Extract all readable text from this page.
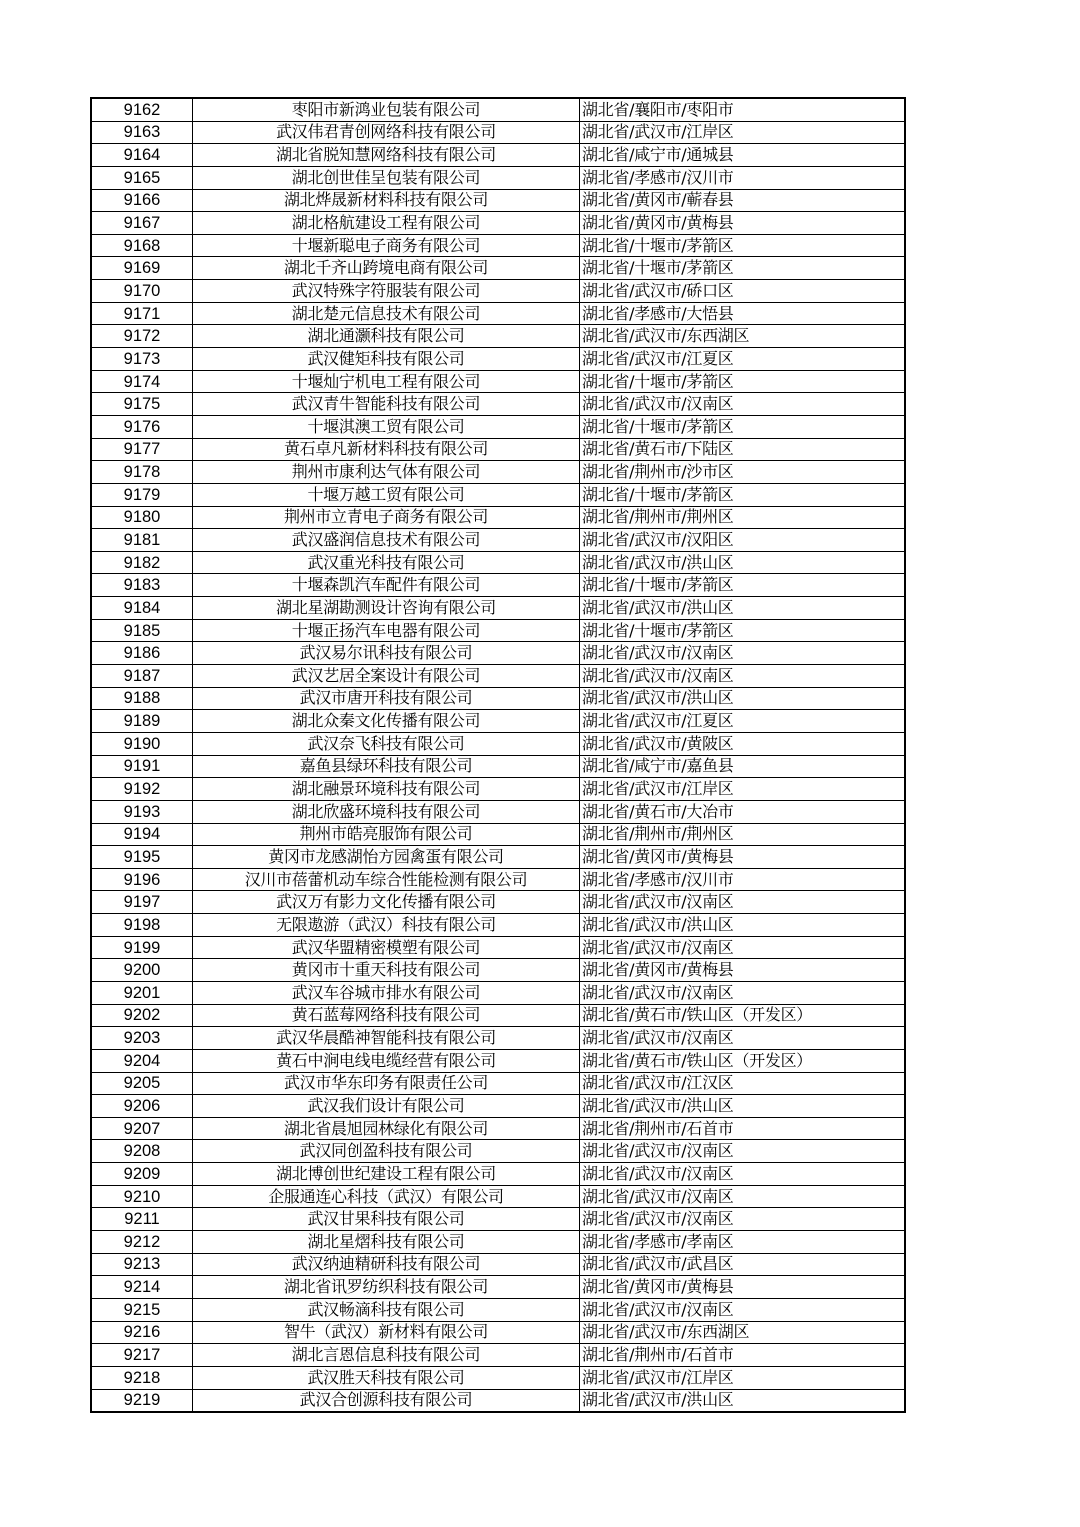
9162	枣阳市新鸿业包装有限公司	湖北省/襄阳市/枣阳市
9163	武汉伟君青创网络科技有限公司	湖北省/武汉市/江岸区
9164	湖北省脱知慧网络科技有限公司	湖北省/咸宁市/通城县
9165	湖北创世佳呈包装有限公司	湖北省/孝感市/汉川市
9166	湖北烨晟新材料科技有限公司	湖北省/黄冈市/蕲春县
9167	湖北格航建设工程有限公司	湖北省/黄冈市/黄梅县
9168	十堰新聪电子商务有限公司	湖北省/十堰市/茅箭区
9169	湖北千齐山跨境电商有限公司	湖北省/十堰市/茅箭区
9170	武汉特殊字符服装有限公司	湖北省/武汉市/硚口区
9171	湖北楚元信息技术有限公司	湖北省/孝感市/大悟县
9172	湖北通灏科技有限公司	湖北省/武汉市/东西湖区
9173	武汉健矩科技有限公司	湖北省/武汉市/江夏区
9174	十堰灿宁机电工程有限公司	湖北省/十堰市/茅箭区
9175	武汉青牛智能科技有限公司	湖北省/武汉市/汉南区
9176	十堰淇澳工贸有限公司	湖北省/十堰市/茅箭区
9177	黄石卓凡新材料科技有限公司	湖北省/黄石市/下陆区
9178	荆州市康利达气体有限公司	湖北省/荆州市/沙市区
9179	十堰万越工贸有限公司	湖北省/十堰市/茅箭区
9180	荆州市立青电子商务有限公司	湖北省/荆州市/荆州区
9181	武汉盛润信息技术有限公司	湖北省/武汉市/汉阳区
9182	武汉重光科技有限公司	湖北省/武汉市/洪山区
9183	十堰森凯汽车配件有限公司	湖北省/十堰市/茅箭区
9184	湖北星湖勘测设计咨询有限公司	湖北省/武汉市/洪山区
9185	十堰正扬汽车电器有限公司	湖北省/十堰市/茅箭区
9186	武汉易尔讯科技有限公司	湖北省/武汉市/汉南区
9187	武汉艺居全案设计有限公司	湖北省/武汉市/汉南区
9188	武汉市唐开科技有限公司	湖北省/武汉市/洪山区
9189	湖北众秦文化传播有限公司	湖北省/武汉市/江夏区
9190	武汉奈飞科技有限公司	湖北省/武汉市/黄陂区
9191	嘉鱼县绿环科技有限公司	湖北省/咸宁市/嘉鱼县
9192	湖北融景环境科技有限公司	湖北省/武汉市/江岸区
9193	湖北欣盛环境科技有限公司	湖北省/黄石市/大冶市
9194	荆州市皓亮服饰有限公司	湖北省/荆州市/荆州区
9195	黄冈市龙感湖怡方园禽蛋有限公司	湖北省/黄冈市/黄梅县
9196	汉川市蓓蕾机动车综合性能检测有限公司	湖北省/孝感市/汉川市
9197	武汉万有影力文化传播有限公司	湖北省/武汉市/汉南区
9198	无限遨游（武汉）科技有限公司	湖北省/武汉市/洪山区
9199	武汉华盟精密模塑有限公司	湖北省/武汉市/汉南区
9200	黄冈市十重天科技有限公司	湖北省/黄冈市/黄梅县
9201	武汉车谷城市排水有限公司	湖北省/武汉市/汉南区
9202	黄石蓝莓网络科技有限公司	湖北省/黄石市/铁山区（开发区）
9203	武汉华晨酷神智能科技有限公司	湖北省/武汉市/汉南区
9204	黄石中涧电线电缆经营有限公司	湖北省/黄石市/铁山区（开发区）
9205	武汉市华东印务有限责任公司	湖北省/武汉市/江汉区
9206	武汉我们设计有限公司	湖北省/武汉市/洪山区
9207	湖北省晨旭园林绿化有限公司	湖北省/荆州市/石首市
9208	武汉同创盈科技有限公司	湖北省/武汉市/汉南区
9209	湖北博创世纪建设工程有限公司	湖北省/武汉市/汉南区
9210	企服通连心科技（武汉）有限公司	湖北省/武汉市/汉南区
9211	武汉甘果科技有限公司	湖北省/武汉市/汉南区
9212	湖北星熠科技有限公司	湖北省/孝感市/孝南区
9213	武汉纳迪精研科技有限公司	湖北省/武汉市/武昌区
9214	湖北省讯罗纺织科技有限公司	湖北省/黄冈市/黄梅县
9215	武汉畅滴科技有限公司	湖北省/武汉市/汉南区
9216	智牛（武汉）新材料有限公司	湖北省/武汉市/东西湖区
9217	湖北言恩信息科技有限公司	湖北省/荆州市/石首市
9218	武汉胜天科技有限公司	湖北省/武汉市/江岸区
9219	武汉合创源科技有限公司	湖北省/武汉市/洪山区
